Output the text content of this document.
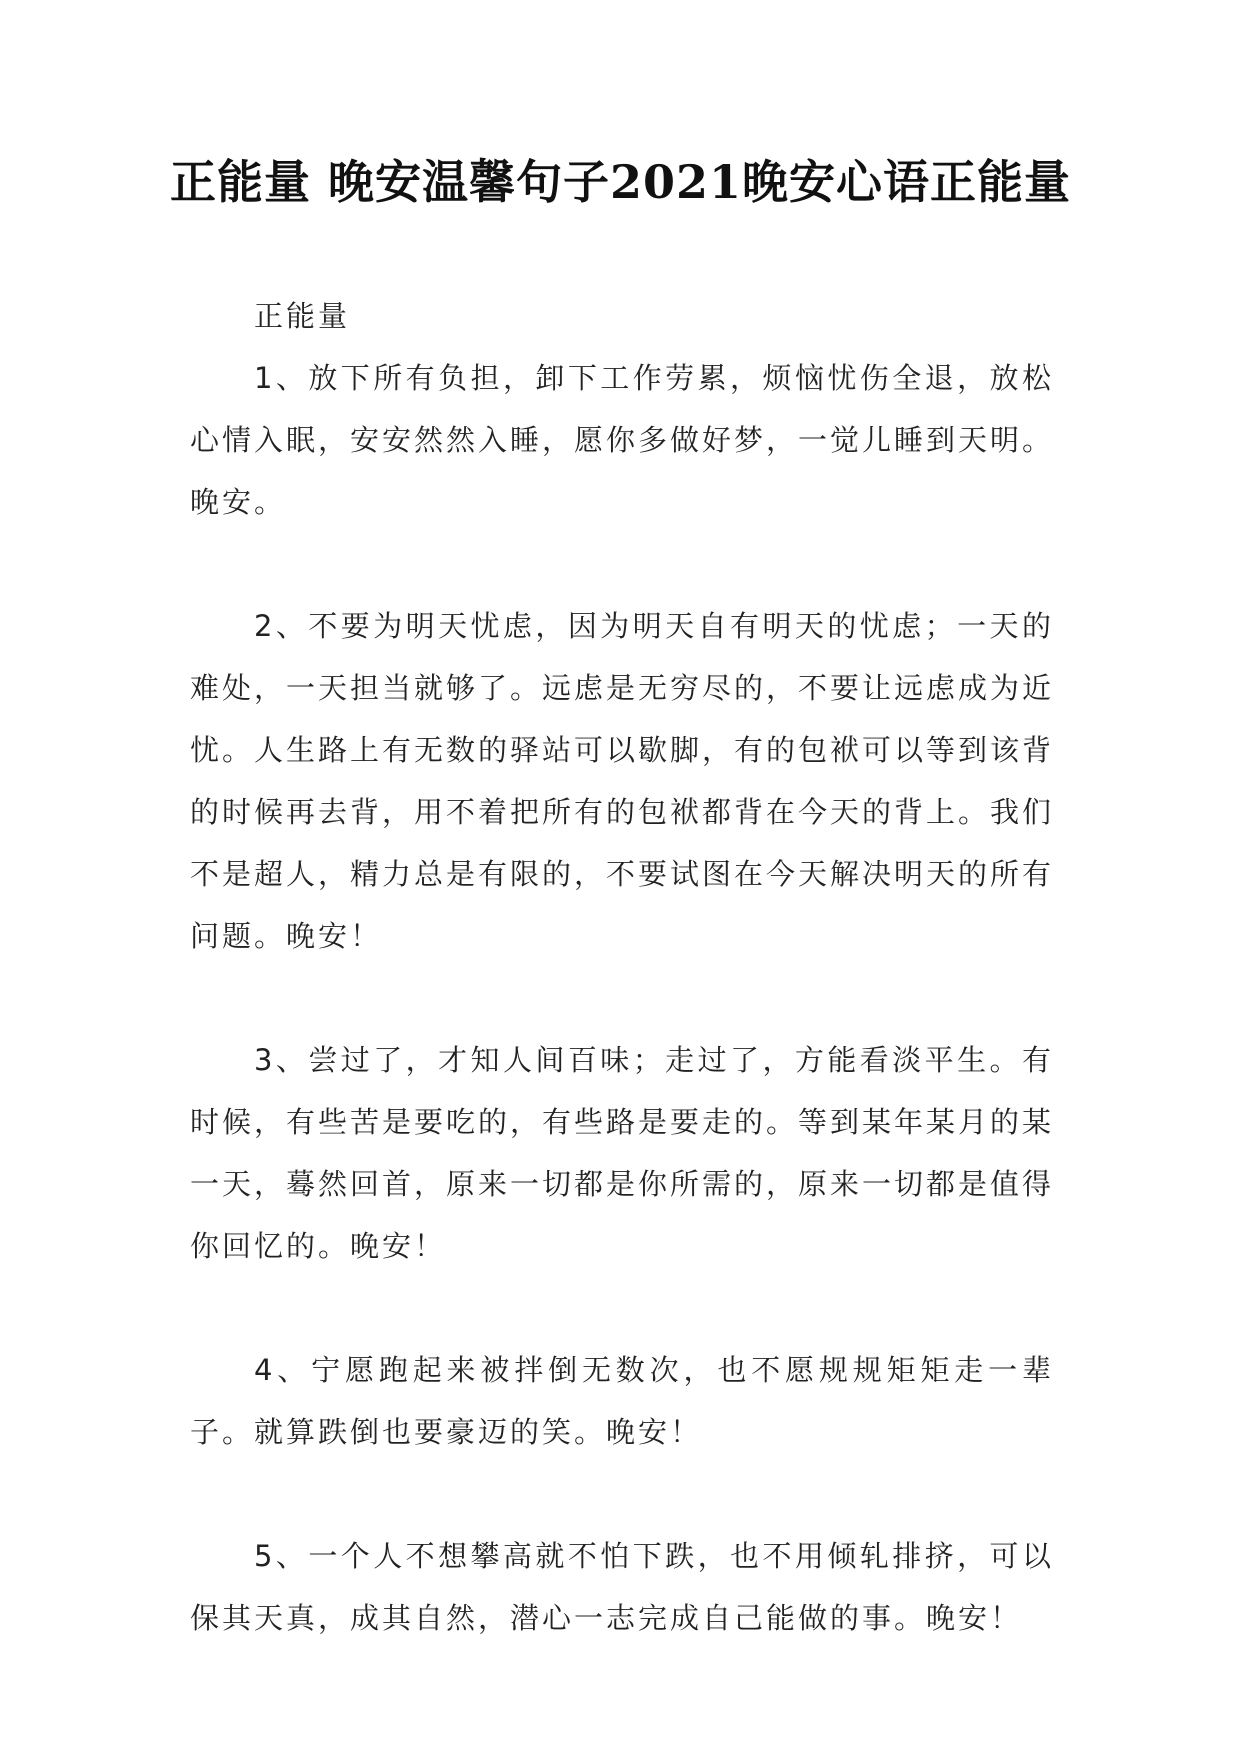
正能量 晚安温馨句子2021晚安心语正能量

正能量

1、放下所有负担，卸下工作劳累，烦恼忧伤全退，放松心情入眠，安安然然入睡，愿你多做好梦，一觉儿睡到天明。晚安。

2、不要为明天忧虑，因为明天自有明天的忧虑；一天的难处，一天担当就够了。远虑是无穷尽的，不要让远虑成为近忧。人生路上有无数的驿站可以歇脚，有的包袱可以等到该背的时候再去背，用不着把所有的包袱都背在今天的背上。我们不是超人，精力总是有限的，不要试图在今天解决明天的所有问题。晚安！

3、尝过了，才知人间百味；走过了，方能看淡平生。有时候，有些苦是要吃的，有些路是要走的。等到某年某月的某一天，蓦然回首，原来一切都是你所需的，原来一切都是值得你回忆的。晚安！

4、宁愿跑起来被拌倒无数次，也不愿规规矩矩走一辈子。就算跌倒也要豪迈的笑。晚安！

5、一个人不想攀高就不怕下跌，也不用倾轧排挤，可以保其天真，成其自然，潜心一志完成自己能做的事。晚安！
